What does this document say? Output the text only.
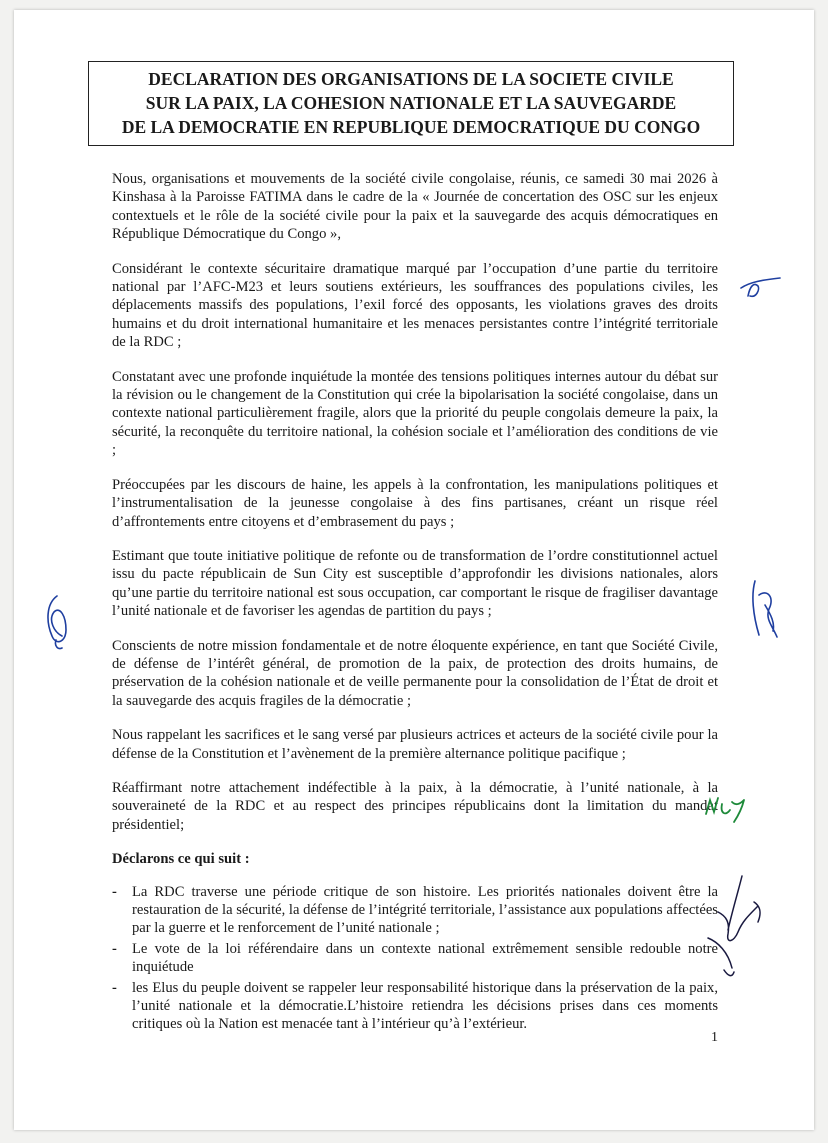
DECLARATION DES ORGANISATIONS DE LA SOCIETE CIVILE
SUR LA PAIX, LA COHESION NATIONALE ET LA SAUVEGARDE
DE LA DEMOCRATIE EN REPUBLIQUE DEMOCRATIQUE DU CONGO

Nous, organisations et mouvements de la société civile congolaise, réunis, ce samedi 30 mai 2026 à Kinshasa à la Paroisse FATIMA dans le cadre de la « Journée de concertation des OSC sur les enjeux contextuels et le rôle de la société civile pour la paix et la sauvegarde des acquis démocratiques en République Démocratique du Congo »,

Considérant le contexte sécuritaire dramatique marqué par l’occupation d’une partie du territoire national par l’AFC-M23 et leurs soutiens extérieurs, les souffrances des populations civiles, les déplacements massifs des populations, l’exil forcé des opposants, les violations graves des droits humains et du droit international humanitaire et les menaces persistantes contre l’intégrité territoriale de la RDC ;

Constatant avec une profonde inquiétude la montée des tensions politiques internes autour du débat sur la révision ou le changement de la Constitution qui crée la bipolarisation la société congolaise, dans un contexte national particulièrement fragile, alors que la priorité du peuple congolais demeure la paix, la sécurité, la reconquête du territoire national, la cohésion sociale et l’amélioration des conditions de vie ;

Préoccupées par les discours de haine, les appels à la confrontation, les manipulations politiques et l’instrumentalisation de la jeunesse congolaise à des fins partisanes, créant un risque réel d’affrontements entre citoyens et d’embrasement du pays ;

Estimant que toute initiative politique de refonte ou de transformation de l’ordre constitutionnel actuel issu du pacte républicain de Sun City est susceptible d’approfondir les divisions nationales, alors qu’une partie du territoire national est sous occupation, car comportant le risque de fragiliser davantage l’unité nationale et de favoriser les agendas de partition du pays ;

Conscients de notre mission fondamentale et de notre éloquente expérience, en tant que Société Civile, de défense de l’intérêt général, de promotion de la paix, de protection des droits humains, de préservation de la cohésion nationale et de veille permanente pour la consolidation de l’État de droit et la sauvegarde des acquis fragiles de la démocratie ;

Nous rappelant les sacrifices et le sang versé par plusieurs actrices et acteurs de la société civile pour la défense de la Constitution et l’avènement de la première alternance politique pacifique ;

Réaffirmant notre attachement indéfectible à la paix, à la démocratie, à l’unité nationale, à la souveraineté de la RDC et au respect des principes républicains dont la limitation du mandat présidentiel;

Déclarons ce qui suit :

- La RDC traverse une période critique de son histoire. Les priorités nationales doivent être la restauration de la sécurité, la défense de l’intégrité territoriale, l’assistance aux populations affectées par la guerre et le renforcement de l’unité nationale ;
- Le vote de la loi référendaire dans un contexte national extrêmement sensible redouble notre inquiétude
- les Elus du peuple doivent se rappeler leur responsabilité historique dans la préservation de la paix, l’unité nationale et la démocratie.L’histoire retiendra les décisions prises dans ces moments critiques où la Nation est menacée tant à l’intérieur qu’à l’extérieur.
1
